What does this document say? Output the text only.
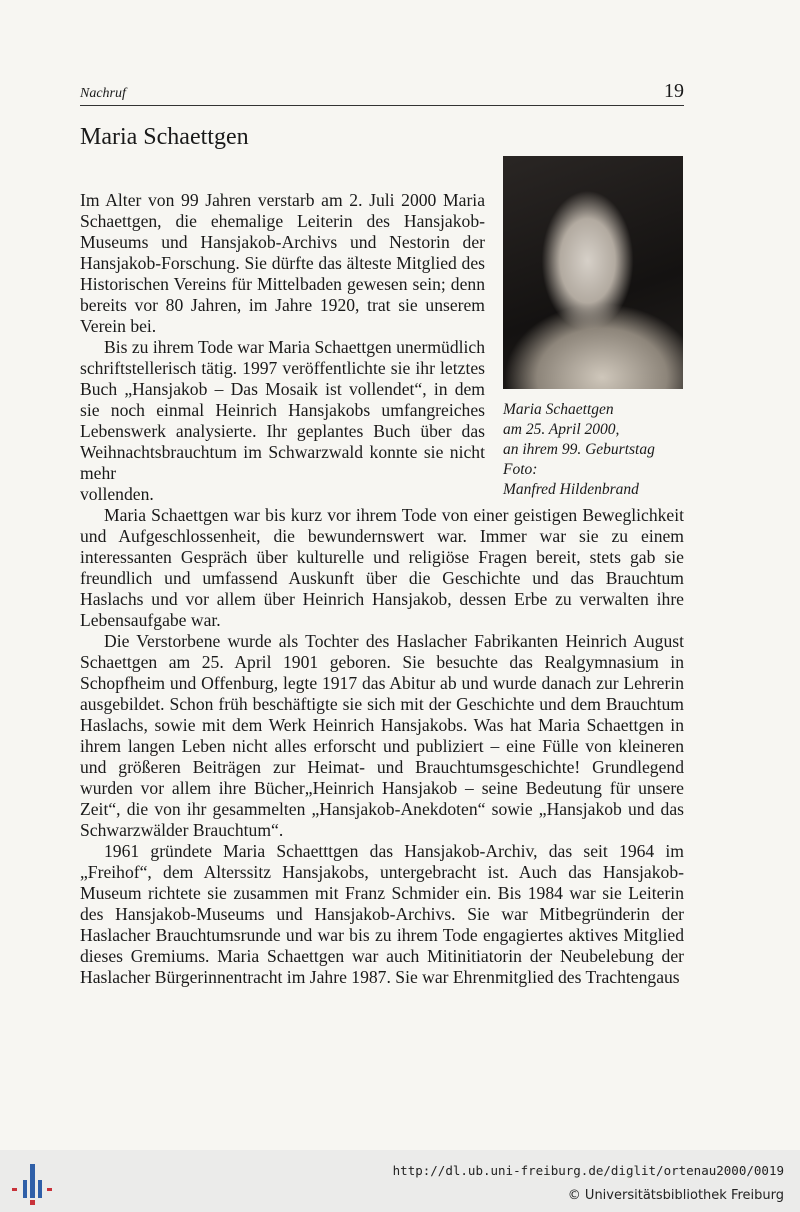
Nachruf	19
Maria Schaettgen
Maria Schaettgen
am 25. April 2000,
an ihrem 99. Geburtstag
Foto:
Manfred Hildenbrand

Im Alter von 99 Jahren verstarb am 2. Juli 2000 Maria Schaettgen, die ehemalige Leiterin des Hansjakob-Museums und Hansjakob-Archivs und Nestorin der Hansjakob-Forschung. Sie dürfte das älteste Mitglied des Historischen Vereins für Mittelbaden gewesen sein; denn bereits vor 80 Jahren, im Jahre 1920, trat sie unserem Verein bei.

Bis zu ihrem Tode war Maria Schaettgen unermüdlich schriftstellerisch tätig. 1997 veröffentlichte sie ihr letztes Buch „Hansjakob – Das Mosaik ist vollendet“, in dem sie noch einmal Heinrich Hansjakobs umfangreiches Lebenswerk analysierte. Ihr geplantes Buch über das Weihnachtsbrauchtum im Schwarzwald konnte sie nicht mehr
vollenden.

Maria Schaettgen war bis kurz vor ihrem Tode von einer geistigen Beweglichkeit und Aufgeschlossenheit, die bewundernswert war. Immer war sie zu einem interessanten Gespräch über kulturelle und religiöse Fragen bereit, stets gab sie freundlich und umfassend Auskunft über die Geschichte und das Brauchtum Haslachs und vor allem über Heinrich Hansjakob, dessen Erbe zu verwalten ihre Lebensaufgabe war.

Die Verstorbene wurde als Tochter des Haslacher Fabrikanten Heinrich August Schaettgen am 25. April 1901 geboren. Sie besuchte das Realgymnasium in Schopfheim und Offenburg, legte 1917 das Abitur ab und wurde danach zur Lehrerin ausgebildet. Schon früh beschäftigte sie sich mit der Geschichte und dem Brauchtum Haslachs, sowie mit dem Werk Heinrich Hansjakobs. Was hat Maria Schaettgen in ihrem langen Leben nicht alles erforscht und publiziert – eine Fülle von kleineren und größeren Beiträgen zur Heimat- und Brauchtumsgeschichte! Grundlegend wurden vor allem ihre Bücher„Heinrich Hansjakob – seine Bedeutung für unsere Zeit“, die von ihr gesammelten „Hansjakob-Anekdoten“ sowie „Hansjakob und das Schwarzwälder Brauchtum“.

1961 gründete Maria Schaetttgen das Hansjakob-Archiv, das seit 1964 im „Freihof“, dem Alterssitz Hansjakobs, untergebracht ist. Auch das Hansjakob-Museum richtete sie zusammen mit Franz Schmider ein. Bis 1984 war sie Leiterin des Hansjakob-Museums und Hansjakob-Archivs. Sie war Mitbegründerin der Haslacher Brauchtumsrunde und war bis zu ihrem Tode engagiertes aktives Mitglied dieses Gremiums. Maria Schaettgen war auch Mitinitiatorin der Neubelebung der Haslacher Bürgerinnentracht im Jahre 1987. Sie war Ehrenmitglied des Trachtengaus

http://dl.ub.uni-freiburg.de/diglit/ortenau2000/0019
© Universitätsbibliothek Freiburg
